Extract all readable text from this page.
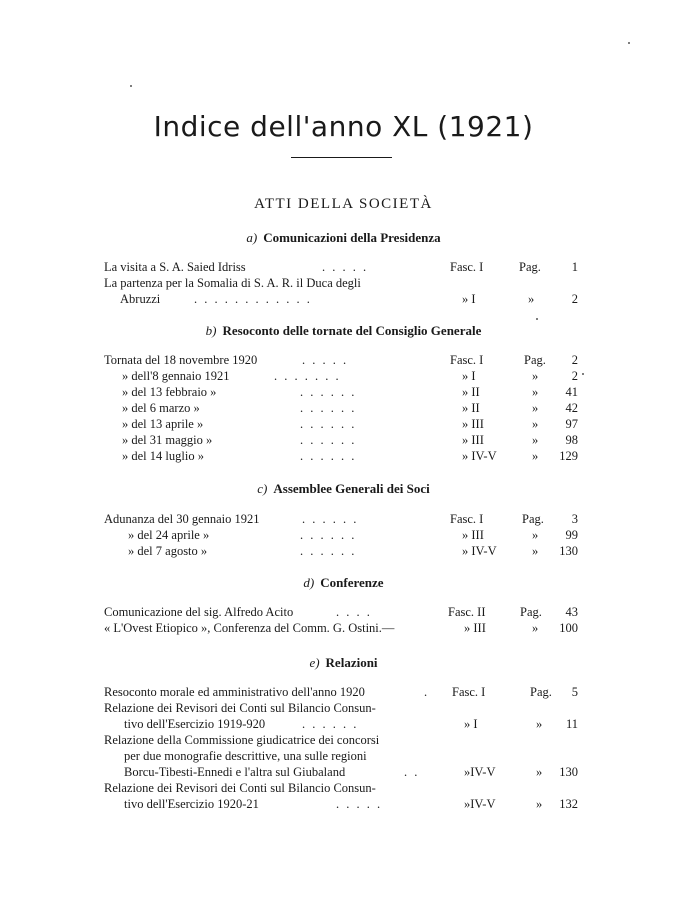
Indice dell'anno XL (1921)
ATTI DELLA SOCIETÀ
a) Comunicazioni della Presidenza
La visita a S. A. Saied Idriss	. . . . .	Fasc. I	Pag. 1
La partenza per la Somalia di S. A. R. il Duca degli
Abruzzi	. . . . . . . . . . . .	» I	»	2
b) Resoconto delle tornate del Consiglio Generale
Tornata del 18 novembre 1920	. . . . .	Fasc. I	Pag. 2
» dell'8 gennaio 1921	. . . . . . .	» I	»	2
» del 13 febbraio »	. . . . . .	» II	» 41
» del 6 marzo »	. . . . . .	» II	» 42
» del 13 aprile »	. . . . . .	» III	» 97
» del 31 maggio »	. . . . . .	» III	» 98
» del 14 luglio »	. . . . . .	» IV-V	» 129
c) Assemblee Generali dei Soci
Adunanza del 30 gennaio 1921	. . . . . .	Fasc. I	Pag. 3
» del 24 aprile »	. . . . . .	» III	» 99
» del 7 agosto »	. . . . . .	» IV-V	» 130
d) Conferenze
Comunicazione del sig. Alfredo Acito	. . . .	Fasc. II	Pag. 43
« L'Ovest Etiopico », Conferenza del Comm. G. Ostini.—	» III	» 100
e) Relazioni
Resoconto morale ed amministrativo dell'anno 1920	. Fasc. I	Pag. 5
Relazione dei Revisori dei Conti sul Bilancio Consun-
tivo dell'Esercizio 1919-920	. . . . . .	» I	» 11
Relazione della Commissione giudicatrice dei concorsi
per due monografie descrittive, una sulle regioni
Borcu-Tibesti-Ennedi e l'altra sul Giubaland	. .	»IV-V	» 130
Relazione dei Revisori dei Conti sul Bilancio Consun-
tivo dell'Esercizio 1920-21	. . . . .	»IV-V	» 132
